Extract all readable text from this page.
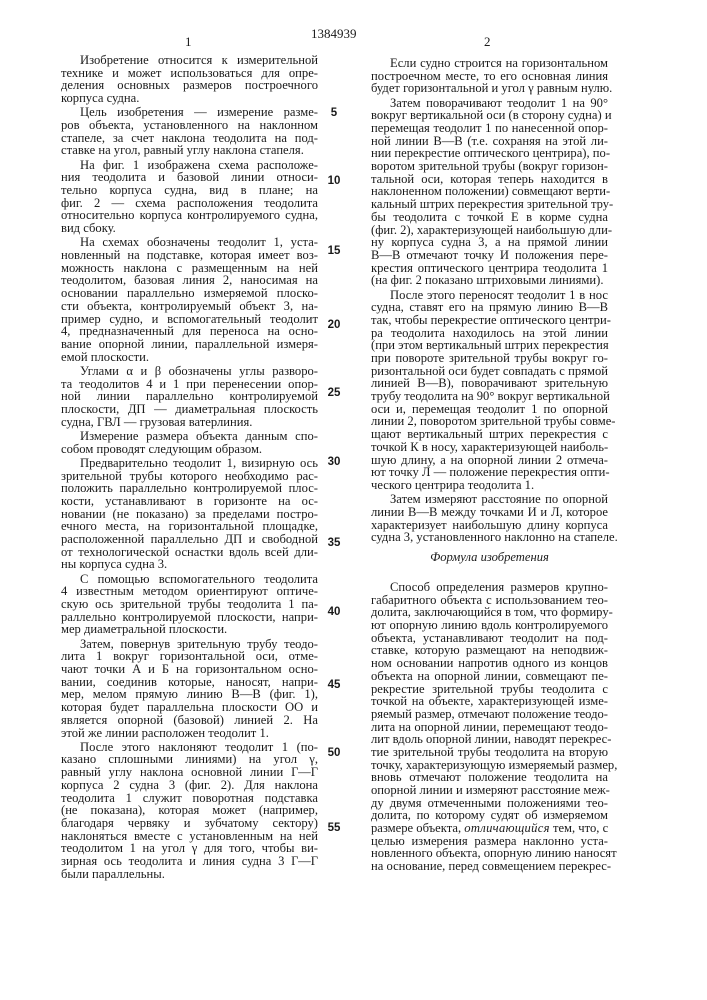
1
1384939
2
Изобретение относится к измерительной
технике и может использоваться для опре-
деления основных размеров построечного
корпуса судна.
Цель изобретения — измерение разме-
ров объекта, установленного на наклонном
стапеле, за счет наклона теодолита на под-
ставке на угол, равный углу наклона стапеля.
На фиг. 1 изображена схема расположе-
ния теодолита и базовой линии относи-
тельно корпуса судна, вид в плане; на
фиг. 2 — схема расположения теодолита
относительно корпуса контролируемого судна,
вид сбоку.
На схемах обозначены теодолит 1, уста-
новленный на подставке, которая имеет воз-
можность наклона с размещенным на ней
теодолитом, базовая линия 2, наносимая на
основании параллельно измеряемой плоско-
сти объекта, контролируемый объект 3, на-
пример судно, и вспомогательный теодолит
4, предназначенный для переноса на осно-
вание опорной линии, параллельной измеря-
емой плоскости.
Углами α и β обозначены углы разворо-
та теодолитов 4 и 1 при перенесении опор-
ной линии параллельно контролируемой
плоскости, ДП — диаметральная плоскость
судна, ГВЛ — грузовая ватерлиния.
Измерение размера объекта данным спо-
собом проводят следующим образом.
Предварительно теодолит 1, визирную ось
зрительной трубы которого необходимо рас-
положить параллельно контролируемой плос-
кости, устанавливают в горизонте на ос-
новании (не показано) за пределами постро-
ечного места, на горизонтальной площадке,
расположенной параллельно ДП и свободной
от технологической оснастки вдоль всей дли-
ны корпуса судна 3.
С помощью вспомогательного теодолита
4 известным методом ориентируют оптиче-
скую ось зрительной трубы теодолита 1 па-
раллельно контролируемой плоскости, напри-
мер диаметральной плоскости.
Затем, повернув зрительную трубу теодо-
лита 1 вокруг горизонтальной оси, отме-
чают точки А и Б на горизонтальном осно-
вании, соединив которые, наносят, напри-
мер, мелом прямую линию В—В (фиг. 1),
которая будет параллельна плоскости ОО и
является опорной (базовой) линией 2. На
этой же линии расположен теодолит 1.
После этого наклоняют теодолит 1 (по-
казано сплошными линиями) на угол γ,
равный углу наклона основной линии Г—Г
корпуса 2 судна 3 (фиг. 2). Для наклона
теодолита 1 служит поворотная подставка
(не показана), которая может (например,
благодаря червяку и зубчатому сектору)
наклоняться вместе с установленным на ней
теодолитом 1 на угол γ для того, чтобы ви-
зирная ось теодолита и линия судна 3 Г—Г
были параллельны.
Если судно строится на горизонтальном
построечном месте, то его основная линия
будет горизонтальной и угол γ равным нулю.
Затем поворачивают теодолит 1 на 90°
вокруг вертикальной оси (в сторону судна) и
перемещая теодолит 1 по нанесенной опор-
ной линии В—В (т.е. сохраняя на этой ли-
нии перекрестие оптического центрира), по-
воротом зрительной трубы (вокруг горизон-
тальной оси, которая теперь находится в
наклоненном положении) совмещают верти-
кальный штрих перекрестия зрительной тру-
бы теодолита с точкой Е в корме судна
(фиг. 2), характеризующей наибольшую дли-
ну корпуса судна 3, а на прямой линии
В—В отмечают точку И положения пере-
крестия оптического центрира теодолита 1
(на фиг. 2 показано штриховыми линиями).
После этого переносят теодолит 1 в нос
судна, ставят его на прямую линию В—В
так, чтобы перекрестие оптического центри-
ра теодолита находилось на этой линии
(при этом вертикальный штрих перекрестия
при повороте зрительной трубы вокруг го-
ризонтальной оси будет совпадать с прямой
линией В—В), поворачивают зрительную
трубу теодолита на 90° вокруг вертикальной
оси и, перемещая теодолит 1 по опорной
линии 2, поворотом зрительной трубы совме-
щают вертикальный штрих перекрестия с
точкой К в носу, характеризующей наиболь-
шую длину, а на опорной линии 2 отмеча-
ют точку Л — положение перекрестия опти-
ческого центрира теодолита 1.
Затем измеряют расстояние по опорной
линии В—В между точками И и Л, которое
характеризует наибольшую длину корпуса
судна 3, установленного наклонно на стапеле.
Формула изобретения
Способ определения размеров крупно-
габаритного объекта с использованием тео-
долита, заключающийся в том, что формиру-
ют опорную линию вдоль контролируемого
объекта, устанавливают теодолит на под-
ставке, которую размещают на неподвиж-
ном основании напротив одного из концов
объекта на опорной линии, совмещают пе-
рекрестие зрительной трубы теодолита с
точкой на объекте, характеризующей изме-
ряемый размер, отмечают положение теодо-
лита на опорной линии, перемещают теодо-
лит вдоль опорной линии, наводят перекрес-
тие зрительной трубы теодолита на вторую
точку, характеризующую измеряемый размер,
вновь отмечают положение теодолита на
опорной линии и измеряют расстояние меж-
ду двумя отмеченными положениями тео-
долита, по которому судят об измеряемом
размере объекта, отличающийся тем, что, с
целью измерения размера наклонно уста-
новленного объекта, опорную линию наносят
на основание, перед совмещением перекрес-
5
10
15
20
25
30
35
40
45
50
55
